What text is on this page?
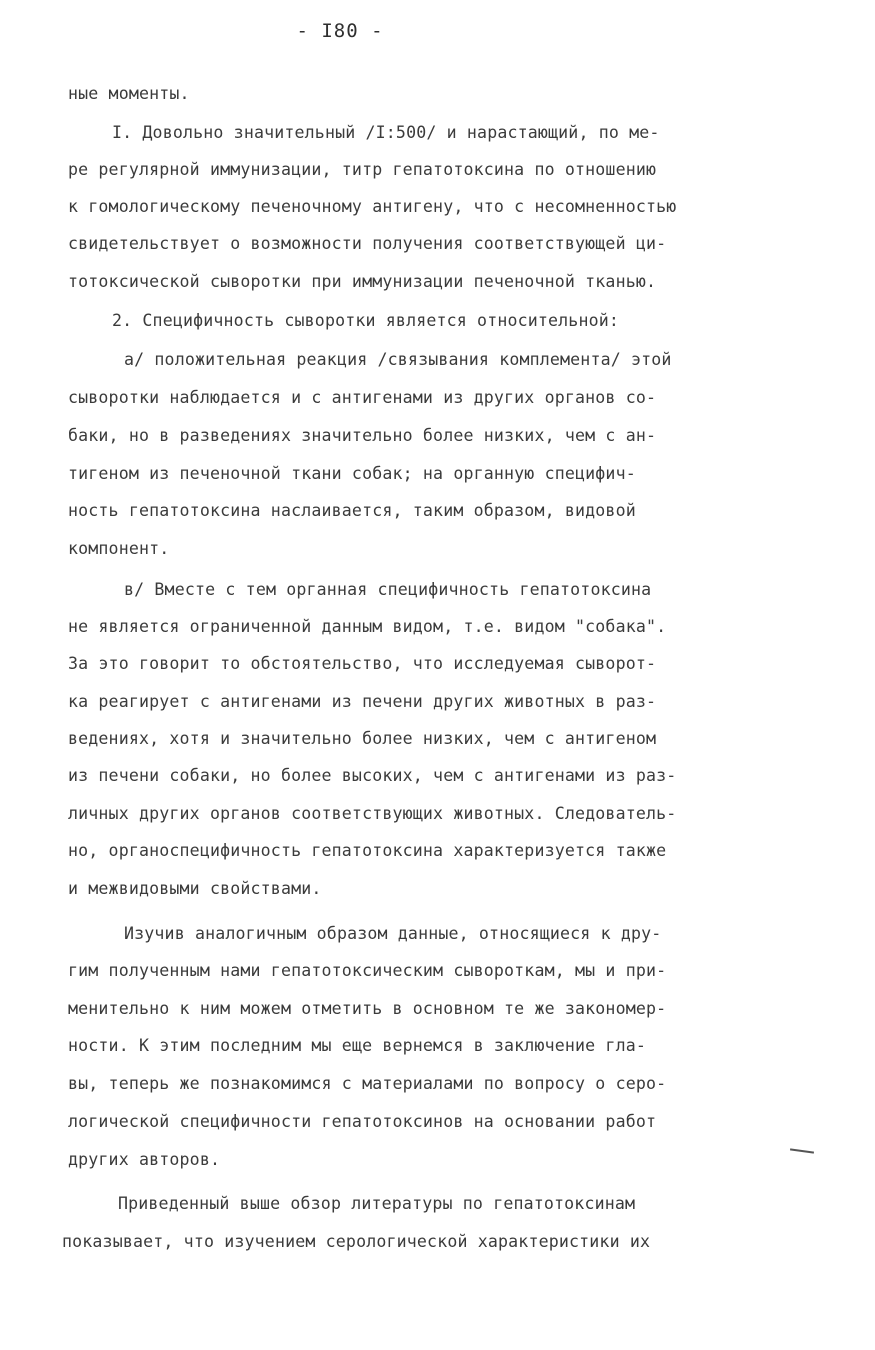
- I80 -
ные моменты.
I. Довольно значительный /I:500/ и нарастающий, по ме-
ре регулярной иммунизации, титр гепатотоксина по отношению
к гомологическому печеночному антигену, что с несомненностью
свидетельствует о возможности получения соответствующей ци-
тотоксической сыворотки при иммунизации печеночной тканью.
2. Специфичность сыворотки является относительной:
а/ положительная реакция /связывания комплемента/ этой
сыворотки наблюдается и с антигенами из других органов со-
баки, но в разведениях значительно более низких, чем с ан-
тигеном из печеночной ткани собак; на органную специфич-
ность гепатотоксина наслаивается, таким образом, видовой
компонент.
в/ Вместе с тем органная специфичность гепатотоксина
не является ограниченной данным видом, т.е. видом "собака".
За это говорит то обстоятельство, что исследуемая сыворот-
ка реагирует с антигенами из печени других животных в раз-
ведениях, хотя и значительно более низких, чем с антигеном
из печени собаки, но более высоких, чем с антигенами из раз-
личных других органов соответствующих животных. Следователь-
но, органоспецифичность гепатотоксина характеризуется также
и межвидовыми свойствами.
Изучив аналогичным образом данные, относящиеся к дру-
гим полученным нами гепатотоксическим сывороткам, мы и при-
менительно к ним можем отметить в основном те же закономер-
ности. К этим последним мы еще вернемся в заключение гла-
вы, теперь же познакомимся с материалами по вопросу о серо-
логической специфичности гепатотоксинов на основании работ
других авторов.
Приведенный выше обзор литературы по гепатотоксинам
показывает, что изучением серологической характеристики их
